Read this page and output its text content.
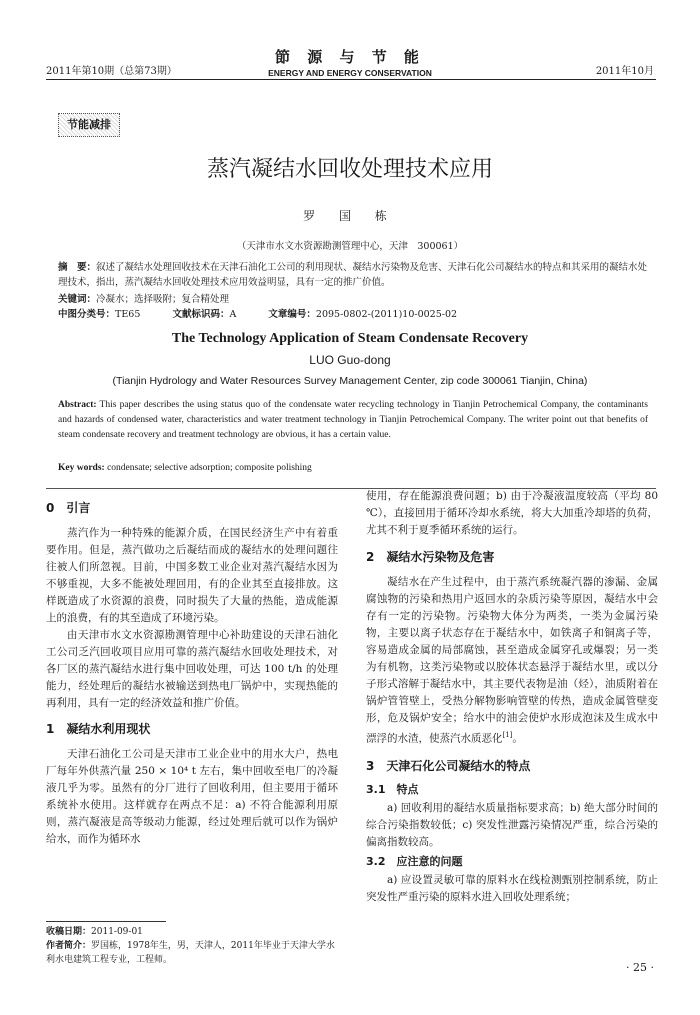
2011年第10期（总第73期）
節 源 与 节 能
ENERGY AND ENERGY CONSERVATION	2011年10月
节能减排
蒸汽凝结水回收处理技术应用
罗 国 栋
（天津市水文水资源勘测管理中心，天津　300061）
摘　要：叙述了凝结水处理回收技术在天津石油化工公司的利用现状、凝结水污染物及危害、天津石化公司凝结水的特点和其采用的凝结水处理技术，指出，蒸汽凝结水回收处理技术应用效益明显，具有一定的推广价值。
关键词：冷凝水；选择吸附；复合精处理
中图分类号：TE65	文献标识码：A	文章编号：2095-0802-(2011)10-0025-02
The Technology Application of Steam Condensate Recovery
LUO Guo-dong
(Tianjin Hydrology and Water Resources Survey Management Center, zip code 300061 Tianjin, China)
Abstract: This paper describes the using status quo of the condensate water recycling technology in Tianjin Petrochemical Company, the contaminants and hazards of condensed water, characteristics and water treatment technology in Tianjin Petrochemical Company. The writer point out that benefits of steam condensate recovery and treatment technology are obvious, it has a certain value.
Key words: condensate; selective adsorption; composite polishing
0　引言

蒸汽作为一种特殊的能源介质，在国民经济生产中有着重要作用。但是，蒸汽做功之后凝结而成的凝结水的处理问题往往被人们所忽视。目前，中国多数工业企业对蒸汽凝结水因为不够重视，大多不能被处理回用，有的企业其至直接排放。这样既造成了水资源的浪费，同时损失了大量的热能，造成能源上的浪费，有的其至造成了环境污染。

由天津市水文水资源勘测管理中心补助建设的天津石油化工公司乏汽回收项目应用可靠的蒸汽凝结水回收处理技术，对各厂区的蒸汽凝结水进行集中回收处理，可达 100 t/h 的处理能力，经处理后的凝结水被输送到热电厂锅炉中，实现热能的再利用，具有一定的经济效益和推广价值。

1　凝结水利用现状

天津石油化工公司是天津市工业企业中的用水大户，热电厂每年外供蒸汽量 250 × 10⁴ t 左右，集中回收至电厂的冷凝液几乎为零。虽然有的分厂进行了回收利用，但主要用于循环系统补水使用。这样就存在两点不足：a) 不符合能源利用原则，蒸汽凝液是高等级动力能源，经过处理后就可以作为锅炉给水，而作为循环水

收稿日期：2011-09-01
作者简介：罗国栋，1978年生，男，天津人，2011年毕业于天津大学水利水电建筑工程专业，工程师。

使用，存在能源浪费问题；b) 由于冷凝液温度较高（平均 80 ℃），直接回用于循环冷却水系统，将大大加重冷却塔的负荷，尤其不利于夏季循环系统的运行。

2　凝结水污染物及危害

凝结水在产生过程中，由于蒸汽系统凝汽器的渗漏、金属腐蚀物的污染和热用户返回水的杂质污染等原因，凝结水中会存有一定的污染物。污染物大体分为两类，一类为金属污染物，主要以离子状态存在于凝结水中，如铁离子和铜离子等，容易造成金属的局部腐蚀，甚至造成金属穿孔或爆裂；另一类为有机物，这类污染物或以胶体状态悬浮于凝结水里，或以分子形式溶解于凝结水中，其主要代表物是油（烃），油质附着在锅炉管管壁上，受热分解物影响管壁的传热，造成金属管壁变形，危及锅炉安全；给水中的油会使炉水形成泡沫及生成水中漂浮的水渣，使蒸汽水质恶化[1]。

3　天津石化公司凝结水的特点
3.1　特点

a) 回收利用的凝结水质量指标要求高；b) 绝大部分时间的综合污染指数较低；c) 突发性泄露污染情况严重，综合污染的偏离指数较高。

3.2　应注意的问题

a) 应设置灵敏可靠的原料水在线检测甄别控制系统，防止突发性严重污染的原料水进入回收处理系统；

· 25 ·
